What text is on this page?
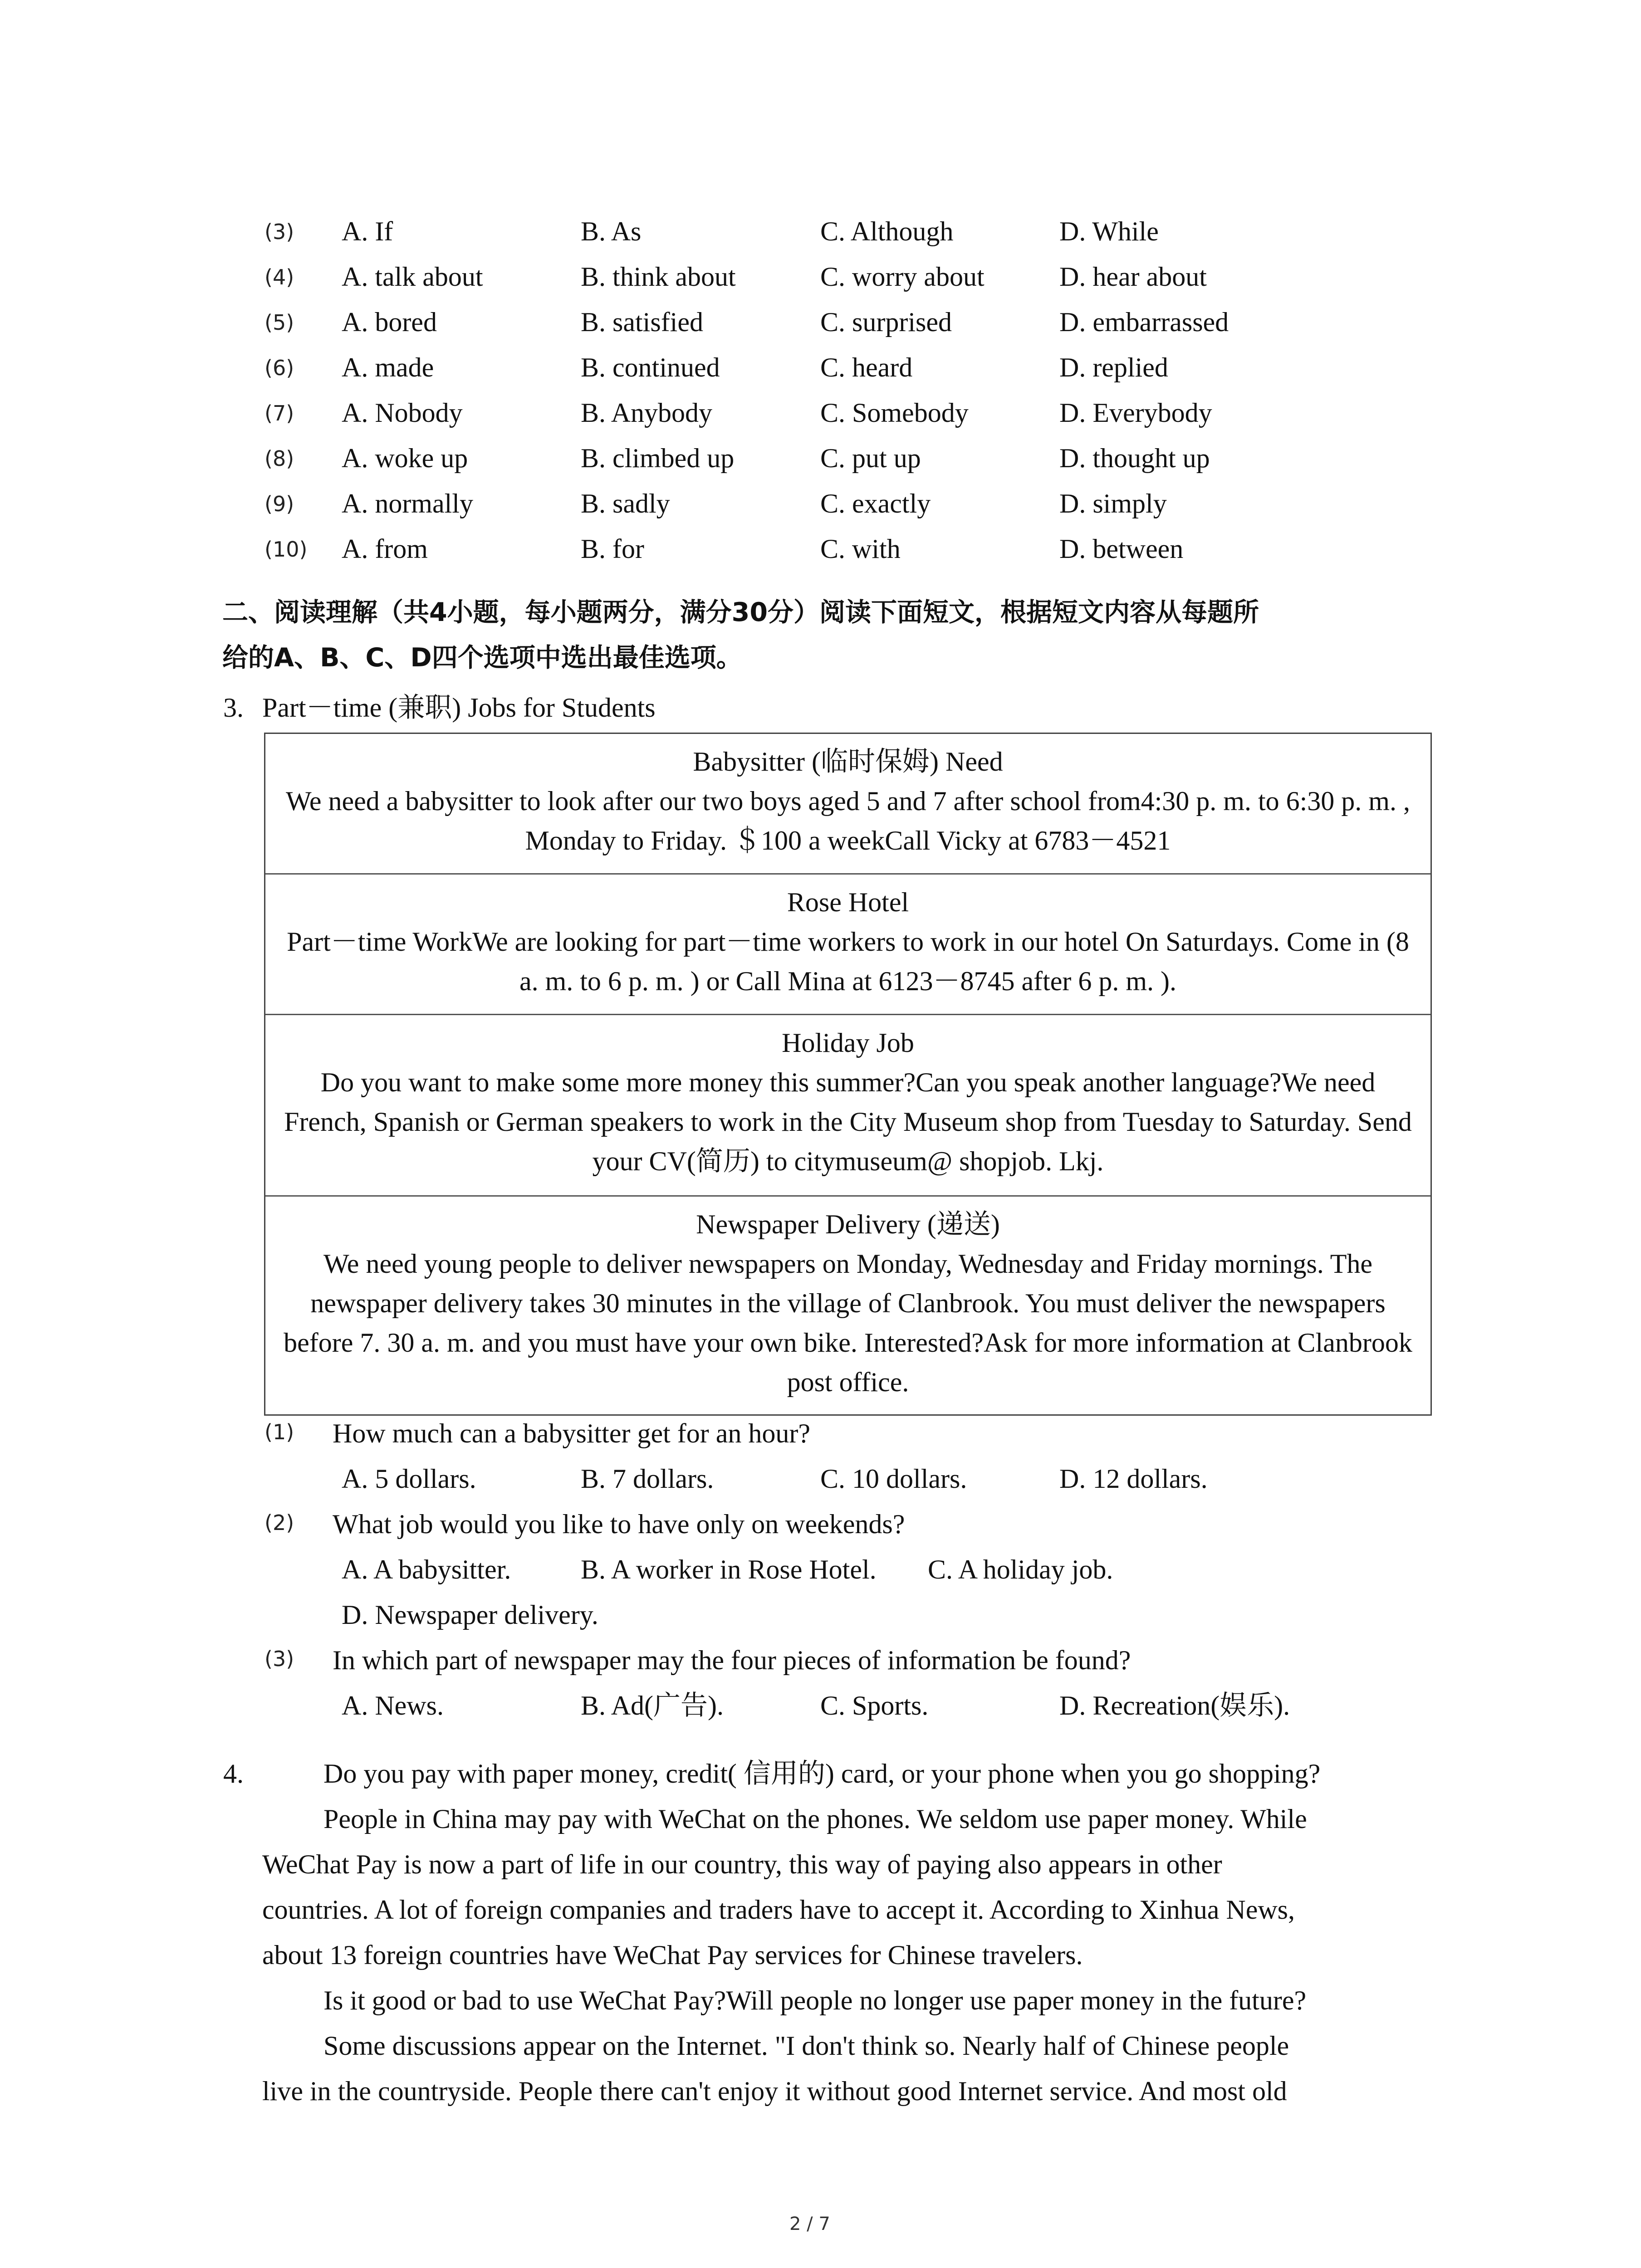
(3) A. If	B. As	C. Although	D. While
(4) A. talk about	B. think about	C. worry about	D. hear about
(5) A. bored	B. satisfied	C. surprised	D. embarrassed
(6) A. made	B. continued	C. heard	D. replied
(7) A. Nobody	B. Anybody	C. Somebody	D. Everybody
(8) A. woke up	B. climbed up	C. put up	D. thought up
(9) A. normally	B. sadly	C. exactly	D. simply
(10) A. from	B. for	C. with	D. between
二、阅读理解（共4小题，每小题两分，满分30分）阅读下面短文，根据短文内容从每题所
给的A、B、C、D四个选项中选出最佳选项。
3. Part－time (兼职) Jobs for Students
Babysitter (临时保姆) Need
We need a babysitter to look after our two boys aged 5 and 7 after school from4:30 p. m. to 6:30 p. m. , Monday to Friday. ＄100 a weekCall Vicky at 6783－4521
Rose Hotel
Part－time WorkWe are looking for part－time workers to work in our hotel On Saturdays. Come in (8 a. m. to 6 p. m. ) or Call Mina at 6123－8745 after 6 p. m. ).
Holiday Job
Do you want to make some more money this summer?Can you speak another language?We need French, Spanish or German speakers to work in the City Museum shop from Tuesday to Saturday. Send your CV(简历) to citymuseum@ shopjob. Lkj.
Newspaper Delivery (递送)
We need young people to deliver newspapers on Monday, Wednesday and Friday mornings. The newspaper delivery takes 30 minutes in the village of Clanbrook. You must deliver the newspapers before 7. 30 a. m. and you must have your own bike. Interested?Ask for more information at Clanbrook post office.
(1) How much can a babysitter get for an hour?
A. 5 dollars.	B. 7 dollars.	C. 10 dollars.	D. 12 dollars.
(2) What job would you like to have only on weekends?
A. A babysitter.	B. A worker in Rose Hotel. C. A holiday job.
D. Newspaper delivery.
(3) In which part of newspaper may the four pieces of information be found?
A. News.	B. Ad(广告).	C. Sports.	D. Recreation(娱乐).
4.	Do you pay with paper money, credit( 信用的) card, or your phone when you go shopping?
People in China may pay with WeChat on the phones. We seldom use paper money. While
WeChat Pay is now a part of life in our country, this way of paying also appears in other
countries. A lot of foreign companies and traders have to accept it. According to Xinhua News,
about 13 foreign countries have WeChat Pay services for Chinese travelers.
Is it good or bad to use WeChat Pay?Will people no longer use paper money in the future?
Some discussions appear on the Internet. "I don't think so. Nearly half of Chinese people
live in the countryside. People there can't enjoy it without good Internet service. And most old
2 / 7
